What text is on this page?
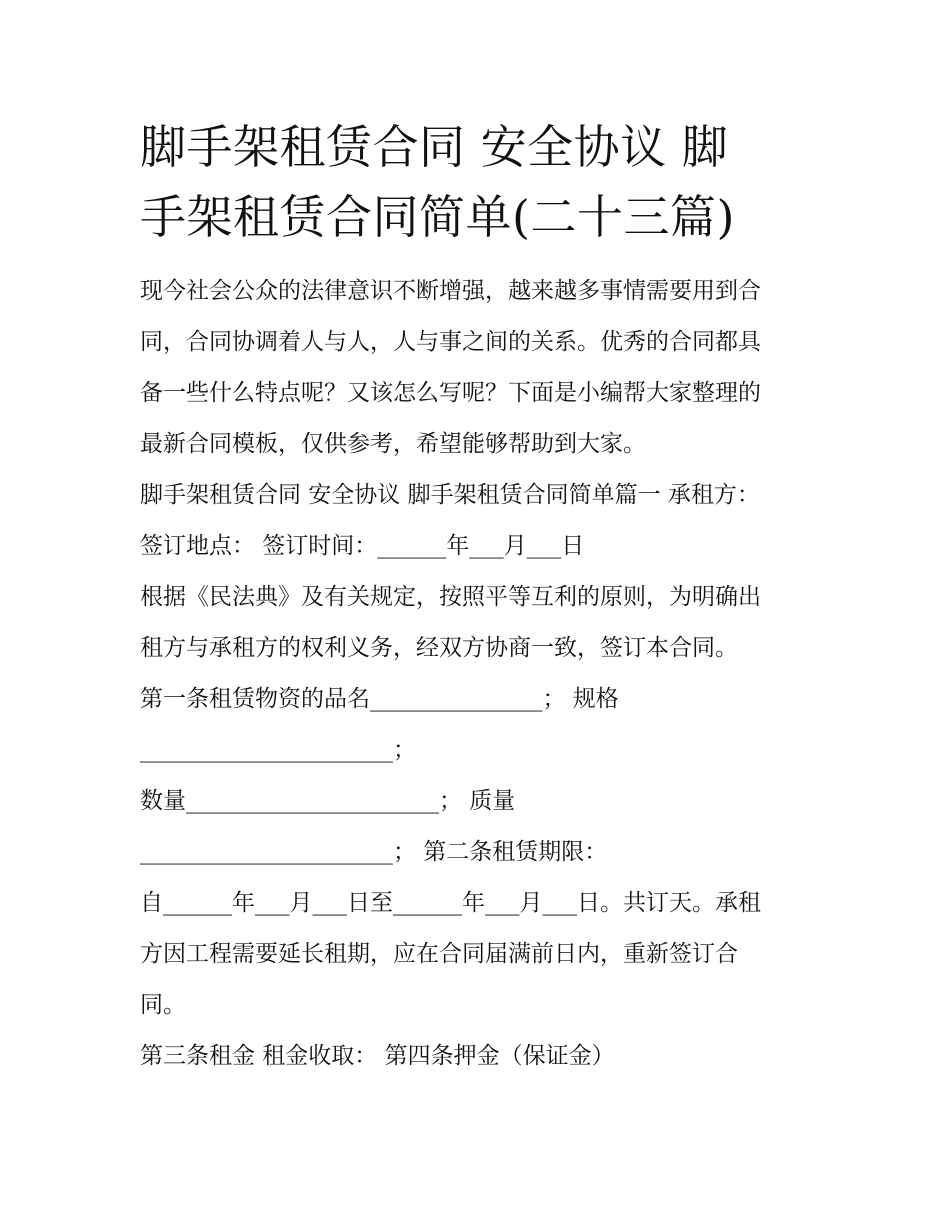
脚手架租赁合同 安全协议 脚
手架租赁合同简单(二十三篇)

现今社会公众的法律意识不断增强，越来越多事情需要用到合
同，合同协调着人与人，人与事之间的关系。优秀的合同都具
备一些什么特点呢？又该怎么写呢？下面是小编帮大家整理的
最新合同模板，仅供参考，希望能够帮助到大家。

脚手架租赁合同 安全协议 脚手架租赁合同简单篇一 承租方：

签订地点： 签订时间：______年___月___日

根据《民法典》及有关规定，按照平等互利的原则，为明确出
租方与承租方的权利义务，经双方协商一致，签订本合同。

第一条租赁物资的品名_______________； 规格
______________________；

数量______________________； 质量
______________________； 第二条租赁期限：

自______年___月___日至______年___月___日。共订天。承租
方因工程需要延长租期，应在合同届满前日内，重新签订合
同。

第三条租金 租金收取： 第四条押金（保证金）
